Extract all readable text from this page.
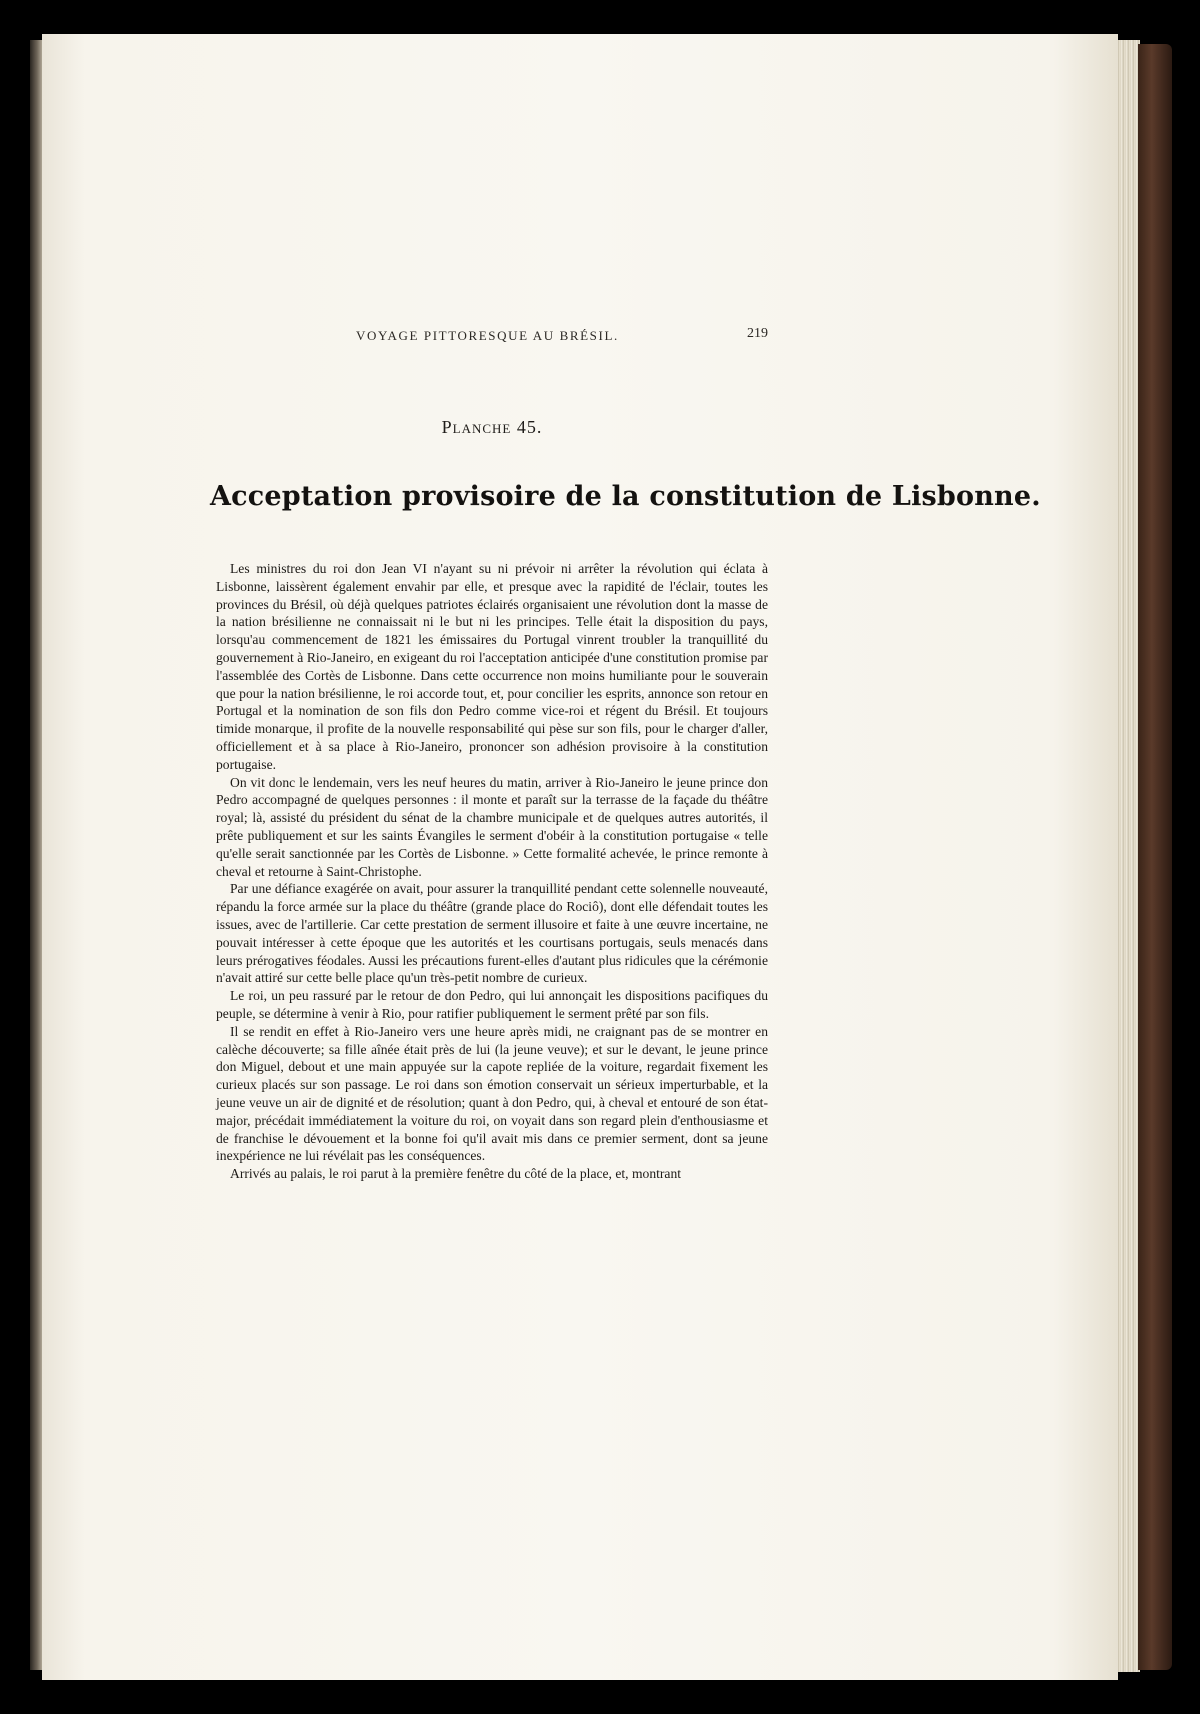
VOYAGE PITTORESQUE AU BRÉSIL.	219
Planche 45.
Acceptation provisoire de la constitution de Lisbonne.

Les ministres du roi don Jean VI n'ayant su ni prévoir ni arrêter la révolution qui éclata à Lisbonne, laissèrent également envahir par elle, et presque avec la rapidité de l'éclair, toutes les provinces du Brésil, où déjà quelques patriotes éclairés organisaient une révolution dont la masse de la nation brésilienne ne connaissait ni le but ni les principes. Telle était la disposition du pays, lorsqu'au commencement de 1821 les émissaires du Portugal vinrent troubler la tranquillité du gouvernement à Rio-Janeiro, en exigeant du roi l'acceptation anticipée d'une constitution promise par l'assemblée des Cortès de Lisbonne. Dans cette occurrence non moins humiliante pour le souverain que pour la nation brésilienne, le roi accorde tout, et, pour concilier les esprits, annonce son retour en Portugal et la nomination de son fils don Pedro comme vice-roi et régent du Brésil. Et toujours timide monarque, il profite de la nouvelle responsabilité qui pèse sur son fils, pour le charger d'aller, officiellement et à sa place à Rio-Janeiro, prononcer son adhésion provisoire à la constitution portugaise.

On vit donc le lendemain, vers les neuf heures du matin, arriver à Rio-Janeiro le jeune prince don Pedro accompagné de quelques personnes : il monte et paraît sur la terrasse de la façade du théâtre royal; là, assisté du président du sénat de la chambre municipale et de quelques autres autorités, il prête publiquement et sur les saints Évangiles le serment d'obéir à la constitution portugaise « telle qu'elle serait sanctionnée par les Cortès de Lisbonne. » Cette formalité achevée, le prince remonte à cheval et retourne à Saint-Christophe.

Par une défiance exagérée on avait, pour assurer la tranquillité pendant cette solennelle nouveauté, répandu la force armée sur la place du théâtre (grande place do Rociô), dont elle défendait toutes les issues, avec de l'artillerie. Car cette prestation de serment illusoire et faite à une œuvre incertaine, ne pouvait intéresser à cette époque que les autorités et les courtisans portugais, seuls menacés dans leurs prérogatives féodales. Aussi les précautions furent-elles d'autant plus ridicules que la cérémonie n'avait attiré sur cette belle place qu'un très-petit nombre de curieux.

Le roi, un peu rassuré par le retour de don Pedro, qui lui annonçait les dispositions pacifiques du peuple, se détermine à venir à Rio, pour ratifier publiquement le serment prêté par son fils.

Il se rendit en effet à Rio-Janeiro vers une heure après midi, ne craignant pas de se montrer en calèche découverte; sa fille aînée était près de lui (la jeune veuve); et sur le devant, le jeune prince don Miguel, debout et une main appuyée sur la capote repliée de la voiture, regardait fixement les curieux placés sur son passage. Le roi dans son émotion conservait un sérieux imperturbable, et la jeune veuve un air de dignité et de résolution; quant à don Pedro, qui, à cheval et entouré de son état-major, précédait immédiatement la voiture du roi, on voyait dans son regard plein d'enthousiasme et de franchise le dévouement et la bonne foi qu'il avait mis dans ce premier serment, dont sa jeune inexpérience ne lui révélait pas les conséquences.

Arrivés au palais, le roi parut à la première fenêtre du côté de la place, et, montrant
